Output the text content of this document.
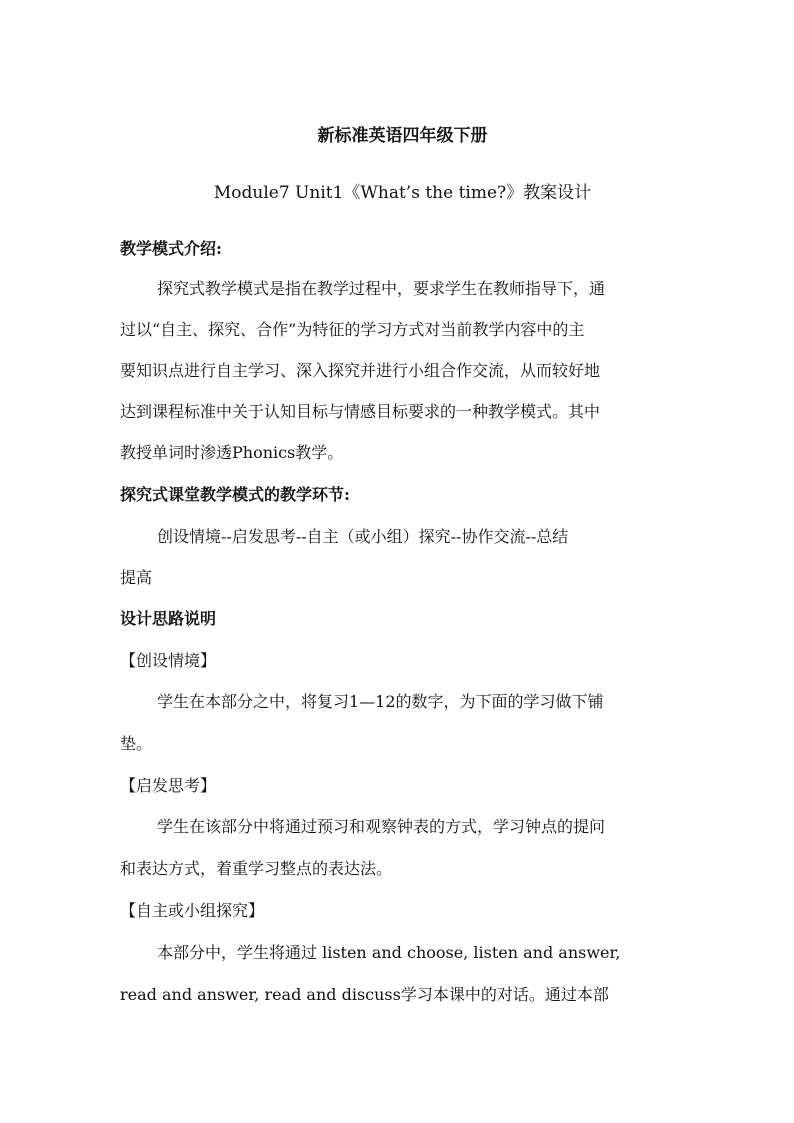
新标准英语四年级下册
Module7 Unit1《What’s the time?》教案设计
教学模式介绍:
探究式教学模式是指在教学过程中，要求学生在教师指导下，通
过以“自主、探究、合作”为特征的学习方式对当前教学内容中的主
要知识点进行自主学习、深入探究并进行小组合作交流，从而较好地
达到课程标准中关于认知目标与情感目标要求的一种教学模式。其中
教授单词时渗透Phonics教学。
探究式课堂教学模式的教学环节:
创设情境--启发思考--自主（或小组）探究--协作交流--总结
提高
设计思路说明
【创设情境】
学生在本部分之中，将复习1—12的数字，为下面的学习做下铺
垫。
【启发思考】
学生在该部分中将通过预习和观察钟表的方式，学习钟点的提问
和表达方式，着重学习整点的表达法。
【自主或小组探究】
本部分中，学生将通过 listen and choose, listen and answer,
read and answer, read and discuss学习本课中的对话。通过本部
